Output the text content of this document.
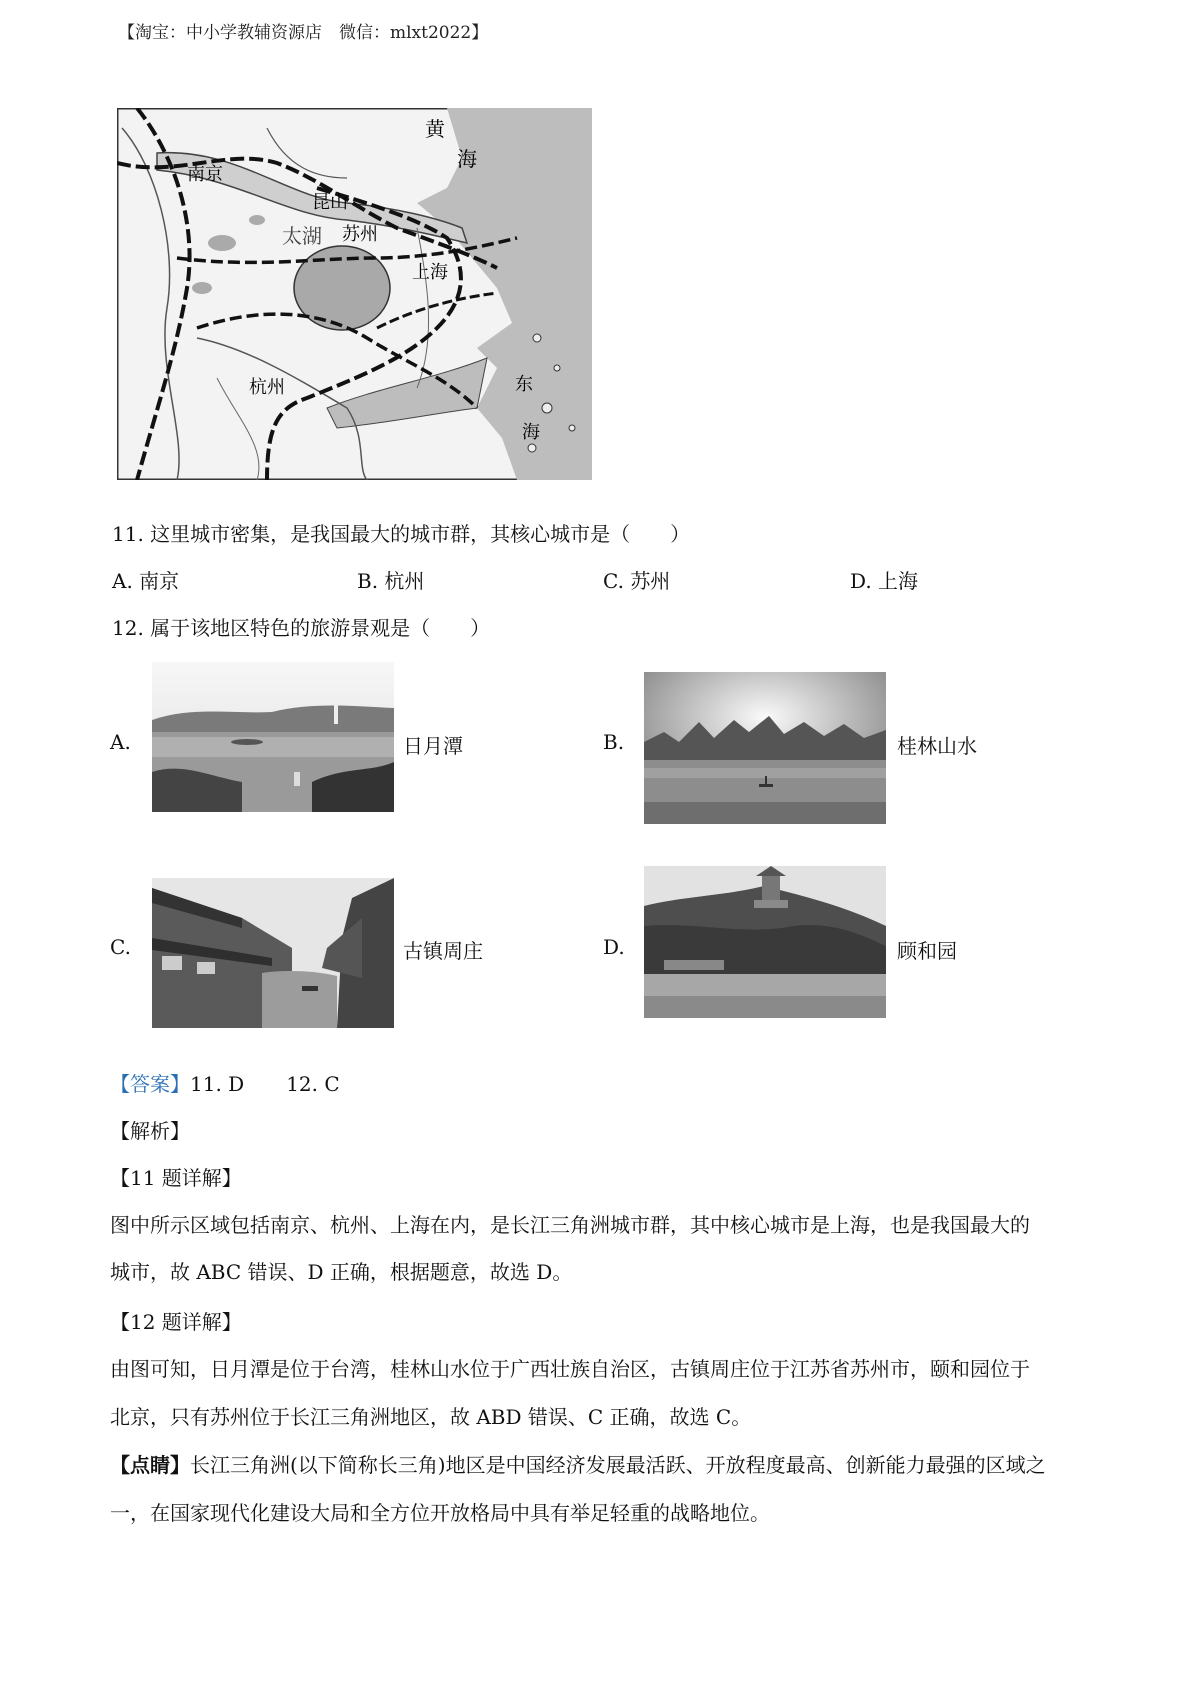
【淘宝：中小学教辅资源店　微信：mlxt2022】
黄
海
南京
昆山
苏州
太湖
上海
杭州	东
海
11. 这里城市密集，是我国最大的城市群，其核心城市是（　　）
A. 南京	B. 杭州	C. 苏州	D. 上海
12. 属于该地区特色的旅游景观是（　　）
A.	日月潭	B.	桂林山水
C.	古镇周庄	D.	顾和园
【答案】11. D 12. C
【解析】
【11 题详解】
图中所示区域包括南京、杭州、上海在内，是长江三角洲城市群，其中核心城市是上海，也是我国最大的
城市，故 ABC 错误、D 正确，根据题意，故选 D。
【12 题详解】
由图可知，日月潭是位于台湾，桂林山水位于广西壮族自治区，古镇周庄位于江苏省苏州市，颐和园位于
北京，只有苏州位于长江三角洲地区，故 ABD 错误、C 正确，故选 C。
【点睛】长江三角洲(以下简称长三角)地区是中国经济发展最活跃、开放程度最高、创新能力最强的区域之
一，在国家现代化建设大局和全方位开放格局中具有举足轻重的战略地位。
